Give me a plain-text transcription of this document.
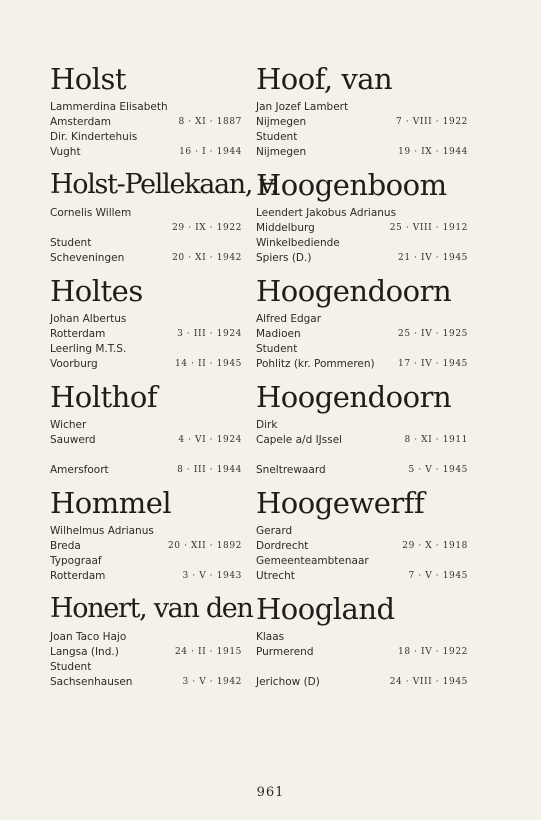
Holst
Lammerdina Elisabeth
Amsterdam	8 · XI · 1887
Dir. Kindertehuis
Vught	16 · I · 1944
Holst-Pellekaan, v.
Cornelis Willem
29 · IX · 1922
Student
Scheveningen	20 · XI · 1942
Holtes
Johan Albertus
Rotterdam	3 · III · 1924
Leerling M.T.S.
Voorburg	14 · II · 1945
Holthof
Wicher
Sauwerd	4 · VI · 1924
Amersfoort	8 · III · 1944
Hommel
Wilhelmus Adrianus
Breda	20 · XII · 1892
Typograaf
Rotterdam	3 · V · 1943
Honert, van den
Joan Taco Hajo
Langsa (Ind.)	24 · II · 1915
Student
Sachsenhausen	3 · V · 1942
Hoof, van
Jan Jozef Lambert
Nijmegen	7 · VIII · 1922
Student
Nijmegen	19 · IX · 1944
Hoogenboom
Leendert Jakobus Adrianus
Middelburg	25 · VIII · 1912
Winkelbediende
Spiers (D.)	21 · IV · 1945
Hoogendoorn
Alfred Edgar
Madioen	25 · IV · 1925
Student
Pohlitz (kr. Pommeren)	17 · IV · 1945
Hoogendoorn
Dirk
Capele a/d IJssel	8 · XI · 1911
Sneltrewaard	5 · V · 1945
Hoogewerff
Gerard
Dordrecht	29 · X · 1918
Gemeenteambtenaar
Utrecht	7 · V · 1945
Hoogland
Klaas
Purmerend	18 · IV · 1922
Jerichow (D)	24 · VIII · 1945
961
